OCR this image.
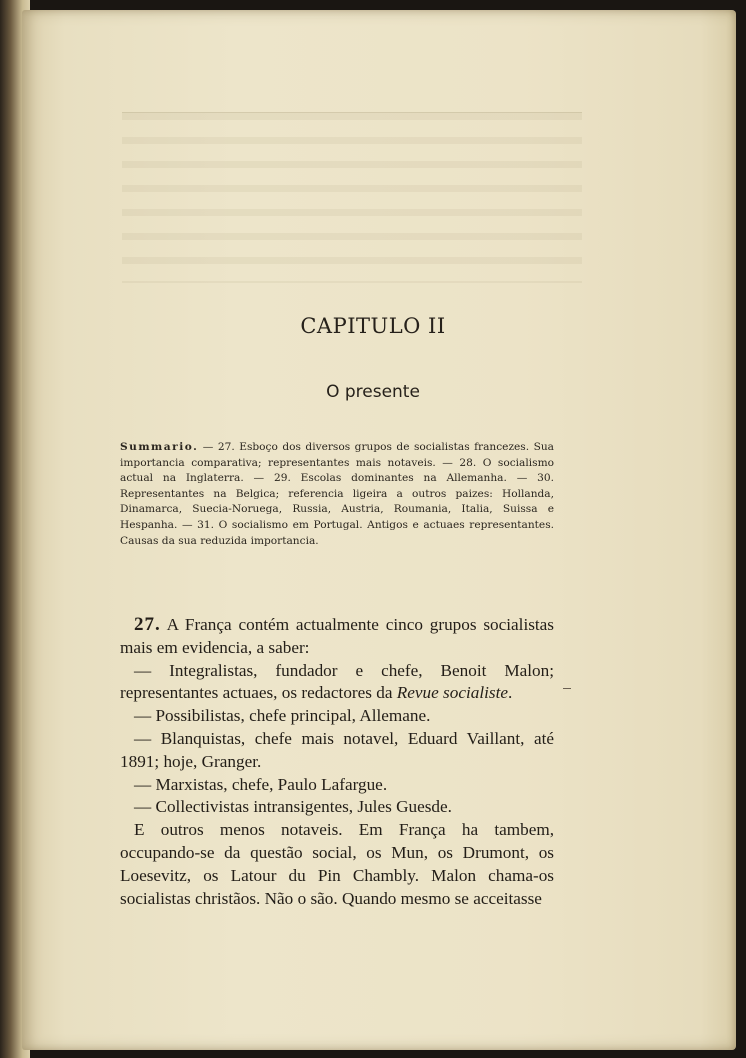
CAPITULO II
O presente
Summario. — 27. Esboço dos diversos grupos de socialistas francezes. Sua importancia comparativa; representantes mais notaveis. — 28. O socialismo actual na Inglaterra. — 29. Escolas dominantes na Allemanha. — 30. Representantes na Belgica; referencia ligeira a outros paizes: Hollanda, Dinamarca, Suecia-Noruega, Russia, Austria, Roumania, Italia, Suissa e Hespanha. — 31. O socialismo em Portugal. Antigos e actuaes representantes. Causas da sua reduzida importancia.

27. A França contém actualmente cinco grupos socialistas mais em evidencia, a saber:

— Integralistas, fundador e chefe, Benoit Malon; representantes actuaes, os redactores da Revue socialiste.

— Possibilistas, chefe principal, Allemane.

— Blanquistas, chefe mais notavel, Eduard Vaillant, até 1891; hoje, Granger.

— Marxistas, chefe, Paulo Lafargue.

— Collectivistas intransigentes, Jules Guesde.

E outros menos notaveis. Em França ha tambem, occupando-se da questão social, os Mun, os Drumont, os Loesevitz, os Latour du Pin Chambly. Malon chama-os socialistas christãos. Não o são. Quando mesmo se acceitasse
